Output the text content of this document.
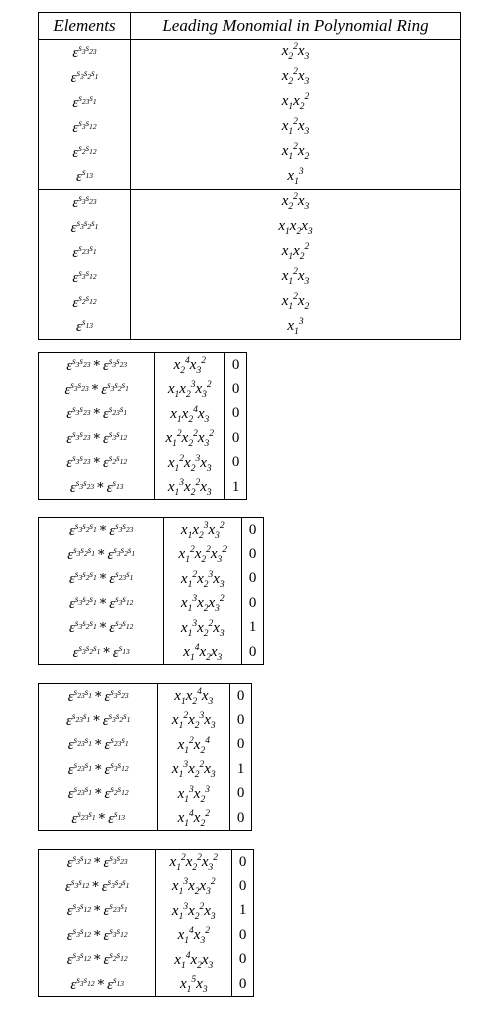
Elements	Leading Monomial in Polynomial Ring
$\varepsilon^{s_3s_{23}}$	$x_2^2x_3$
$\varepsilon^{s_3s_2s_1}$	$x_2^2x_3$
$\varepsilon^{s_{23}s_1}$	$x_1x_2^2$
$\varepsilon^{s_3s_{12}}$	$x_1^2x_3$
$\varepsilon^{s_2s_{12}}$	$x_1^2x_2$
$\varepsilon^{s_{13}}$	$x_1^3$
$\varepsilon^{s_3s_{23}}$	$x_2^2x_3$
$\varepsilon^{s_3s_2s_1}$	$x_1x_2x_3$
$\varepsilon^{s_{23}s_1}$	$x_1x_2^2$
$\varepsilon^{s_3s_{12}}$	$x_1^2x_3$
$\varepsilon^{s_2s_{12}}$	$x_1^2x_2$
$\varepsilon^{s_{13}}$	$x_1^3$
$\varepsilon^{s_3s_{23}} * \varepsilon^{s_3s_{23}}$	$x_2^4x_3^2$	0
$\varepsilon^{s_3s_{23}} * \varepsilon^{s_3s_2s_1}$	$x_1x_2^3x_3^2$	0
$\varepsilon^{s_3s_{23}} * \varepsilon^{s_{23}s_1}$	$x_1x_2^4x_3$	0
$\varepsilon^{s_3s_{23}} * \varepsilon^{s_3s_{12}}$	$x_1^2x_2^2x_3^2$	0
$\varepsilon^{s_3s_{23}} * \varepsilon^{s_2s_{12}}$	$x_1^2x_2^3x_3$	0
$\varepsilon^{s_3s_{23}} * \varepsilon^{s_{13}}$	$x_1^3x_2^2x_3$	1
$\varepsilon^{s_3s_2s_1} * \varepsilon^{s_3s_{23}}$	$x_1x_2^3x_3^2$	0
$\varepsilon^{s_3s_2s_1} * \varepsilon^{s_3s_2s_1}$	$x_1^2x_2^2x_3^2$	0
$\varepsilon^{s_3s_2s_1} * \varepsilon^{s_{23}s_1}$	$x_1^2x_2^3x_3$	0
$\varepsilon^{s_3s_2s_1} * \varepsilon^{s_3s_{12}}$	$x_1^3x_2x_3^2$	0
$\varepsilon^{s_3s_2s_1} * \varepsilon^{s_2s_{12}}$	$x_1^3x_2^2x_3$	1
$\varepsilon^{s_3s_2s_1} * \varepsilon^{s_{13}}$	$x_1^4x_2x_3$	0
$\varepsilon^{s_{23}s_1} * \varepsilon^{s_3s_{23}}$	$x_1x_2^4x_3$	0
$\varepsilon^{s_{23}s_1} * \varepsilon^{s_3s_2s_1}$	$x_1^2x_2^3x_3$	0
$\varepsilon^{s_{23}s_1} * \varepsilon^{s_{23}s_1}$	$x_1^2x_2^4$	0
$\varepsilon^{s_{23}s_1} * \varepsilon^{s_3s_{12}}$	$x_1^3x_2^2x_3$	1
$\varepsilon^{s_{23}s_1} * \varepsilon^{s_2s_{12}}$	$x_1^3x_2^3$	0
$\varepsilon^{s_{23}s_1} * \varepsilon^{s_{13}}$	$x_1^4x_2^2$	0
$\varepsilon^{s_3s_{12}} * \varepsilon^{s_3s_{23}}$	$x_1^2x_2^2x_3^2$	0
$\varepsilon^{s_3s_{12}} * \varepsilon^{s_3s_2s_1}$	$x_1^3x_2x_3^2$	0
$\varepsilon^{s_3s_{12}} * \varepsilon^{s_{23}s_1}$	$x_1^3x_2^2x_3$	1
$\varepsilon^{s_3s_{12}} * \varepsilon^{s_3s_{12}}$	$x_1^4x_3^2$	0
$\varepsilon^{s_3s_{12}} * \varepsilon^{s_2s_{12}}$	$x_1^4x_2x_3$	0
$\varepsilon^{s_3s_{12}} * \varepsilon^{s_{13}}$	$x_1^5x_3$	0
